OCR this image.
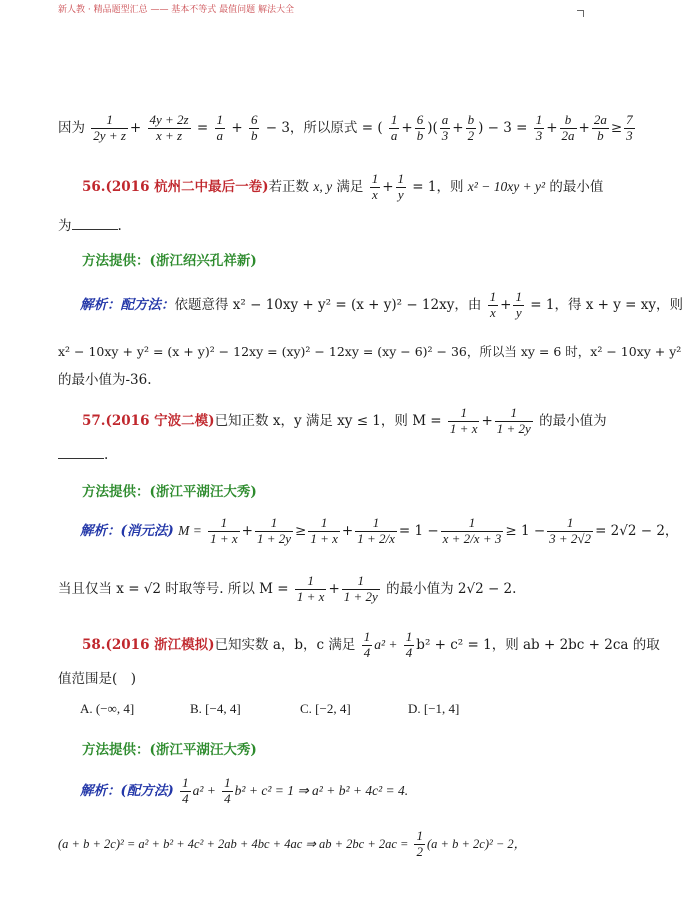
新人教 · 精品题型汇总 —— 基本不等式 最值问题 解法大全
因为 $\frac{1}{2y + z} + \frac{4y + 2z}{x + z} = \frac{1}{a} + \frac{6}{b} - 3$，所以原式 = ( $\frac{1}{a} + \frac{6}{b}$ )( $\frac{a}{3} + \frac{b}{2}$ ) − $3 = \frac{1}{3} + \frac{b}{2a} + \frac{2a}{b} \ge \frac{7}{3}$
56.(2016 杭州二中最后一卷)若正数 x, y 满足 $\frac{1}{x} + \frac{1}{y} = 1$，则 x² − 10xy + y² 的最小值
为	.
方法提供：(浙江绍兴孔祥新)
解析：配方法：依题意得 x² − 10xy + y² = (x + y)² − 12xy，由 $\frac{1}{x} + \frac{1}{y} = 1$，得 x + y = xy，则
x² − 10xy + y² = (x + y)² − 12xy = (xy)² − 12xy = (xy − 6)² − 36，所以当 xy = 6 时，x² − 10xy + y²
的最小值为-36.
57.(2016 宁波二模)已知正数 x，y 满足 xy ≤ 1，则 $M = \frac{1}{1 + x} + \frac{1}{1 + 2y}$ 的最小值为
.
方法提供：(浙江平湖汪大秀)
解析：(消元法) $M = \frac{1}{1 + x} + \frac{1}{1 + 2y} \ge \frac{1}{1 + x} + \frac{1}{1 + 2/x} = 1 - \frac{1}{x + 2/x + 3} \ge 1 - \frac{1}{3 + 2√2} = 2√2 - 2$，
当且仅当 x = √2 时取等号. 所以 $M = \frac{1}{1 + x} + \frac{1}{1 + 2y}$ 的最小值为 2√2 − 2.
58.(2016 浙江模拟)已知实数 a，b，c 满足 $\frac{1}{4} a^2 + \frac{1}{4} b^2 + c^2 = 1$，则 ab + 2bc + 2ca 的取
值范围是(　)
A. (−∞, 4]	B. [−4, 4]	C. [−2, 4]	D. [−1, 4]
方法提供：(浙江平湖汪大秀)
解析：(配方法) $\frac{1}{4} a^2 + \frac{1}{4} b^2 + c^2 = 1$ ⇒ a² + b² + 4c² = 4.
(a + b + 2c)² = a² + b² + 4c² + 2ab + 4bc + 4ac ⇒ ab + $2bc + 2ac = \frac{1}{2} (a + b + 2c)^2 - 2$，
